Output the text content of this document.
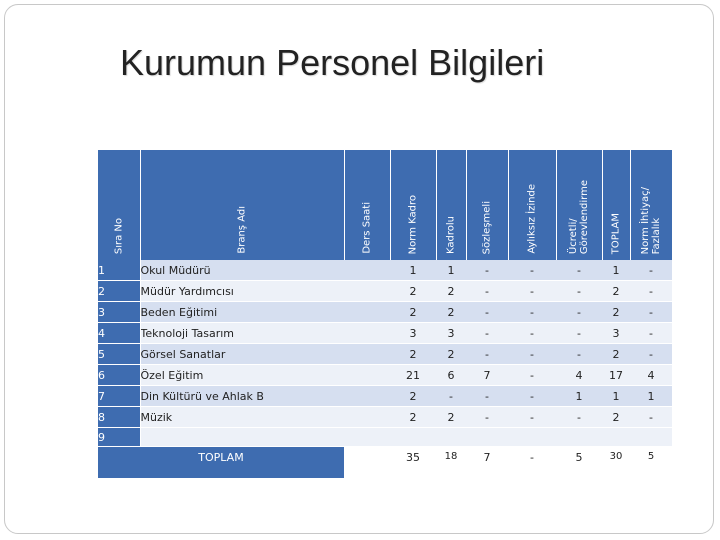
Kurumun Personel Bilgileri
Sıra No	Branş Adı	Ders Saati	Norm Kadro	Kadrolu	Sözleşmeli	Aylıksız İzinde	Ücretli/
Görevlendirme	TOPLAM	Norm İhtiyaç/
Fazlalık

1	Okul Müdürü		1	1	-	-	-	1	-
2	Müdür Yardımcısı		2	2	-	-	-	2	-
3	Beden Eğitimi		2	2	-	-	-	2	-
4	Teknoloji Tasarım		3	3	-	-	-	3	-
5	Görsel Sanatlar		2	2	-	-	-	2	-
6	Özel Eğitim		21	6	7	-	4	17	4
7	Din Kültürü ve Ahlak B		2	-	-	-	1	1	1
8	Müzik		2	2	-	-	-	2	-
9									
TOPLAM			35	18	7	-	5	30	5
